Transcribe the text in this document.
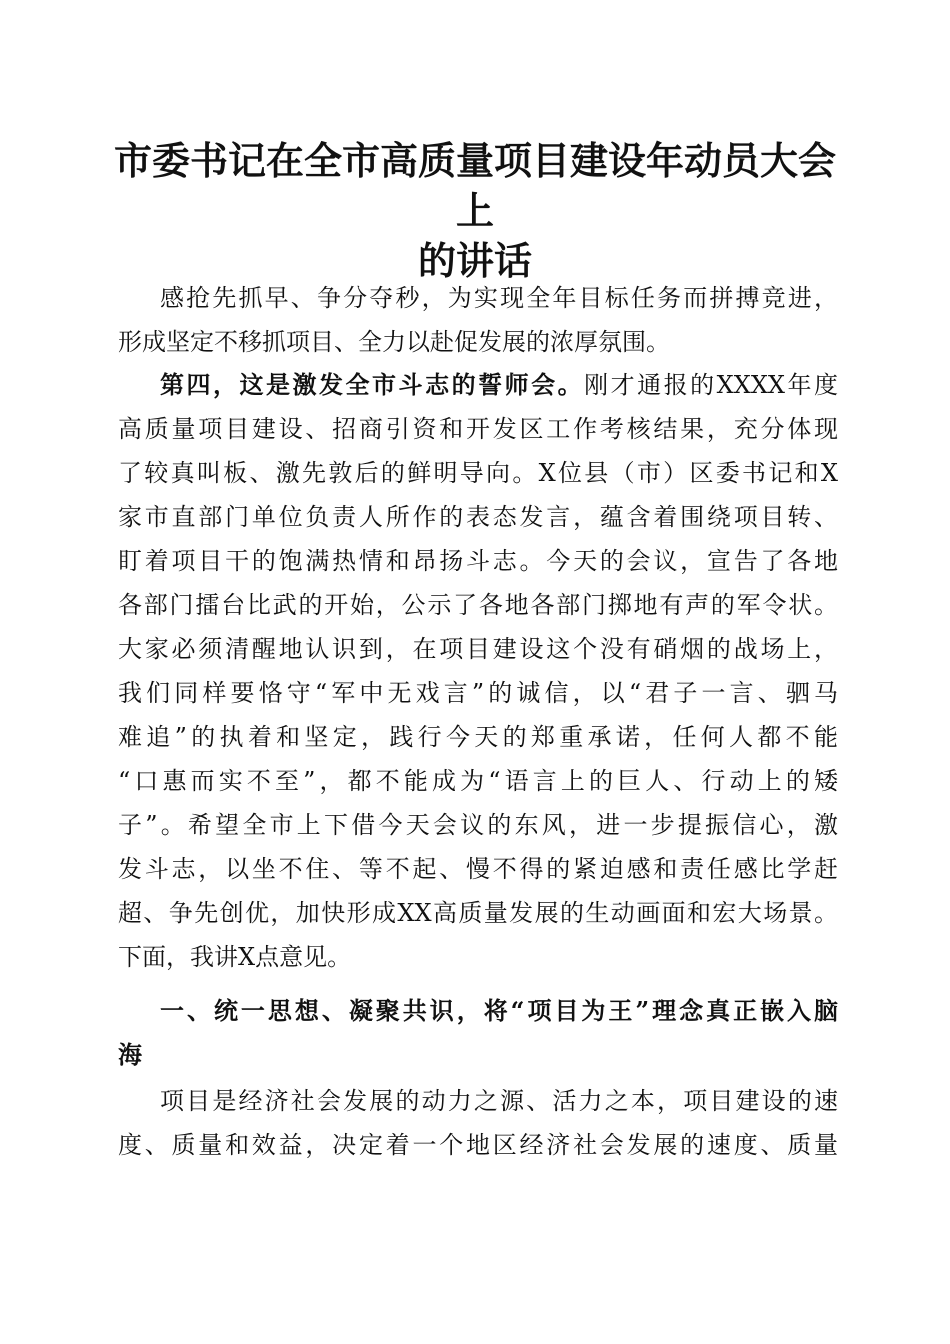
市委书记在全市高质量项目建设年动员大会上
的讲话

感抢先抓早、争分夺秒，为实现全年目标任务而拼搏竞进，

形成坚定不移抓项目、全力以赴促发展的浓厚氛围。

第四，这是激发全市斗志的誓师会。刚才通报的XXXX年度

高质量项目建设、招商引资和开发区工作考核结果，充分体现

了较真叫板、激先敦后的鲜明导向。X位县（市）区委书记和X

家市直部门单位负责人所作的表态发言，蕴含着围绕项目转、

盯着项目干的饱满热情和昂扬斗志。今天的会议，宣告了各地

各部门擂台比武的开始，公示了各地各部门掷地有声的军令状。

大家必须清醒地认识到，在项目建设这个没有硝烟的战场上，

我们同样要恪守“军中无戏言”的诚信，以“君子一言、驷马

难追”的执着和坚定，践行今天的郑重承诺，任何人都不能

“口惠而实不至”，都不能成为“语言上的巨人、行动上的矮

子”。希望全市上下借今天会议的东风，进一步提振信心，激

发斗志，以坐不住、等不起、慢不得的紧迫感和责任感比学赶

超、争先创优，加快形成XX高质量发展的生动画面和宏大场景。

下面，我讲X点意见。

一、统一思想、凝聚共识，将“项目为王”理念真正嵌入脑

海

项目是经济社会发展的动力之源、活力之本，项目建设的速

度、质量和效益，决定着一个地区经济社会发展的速度、质量
